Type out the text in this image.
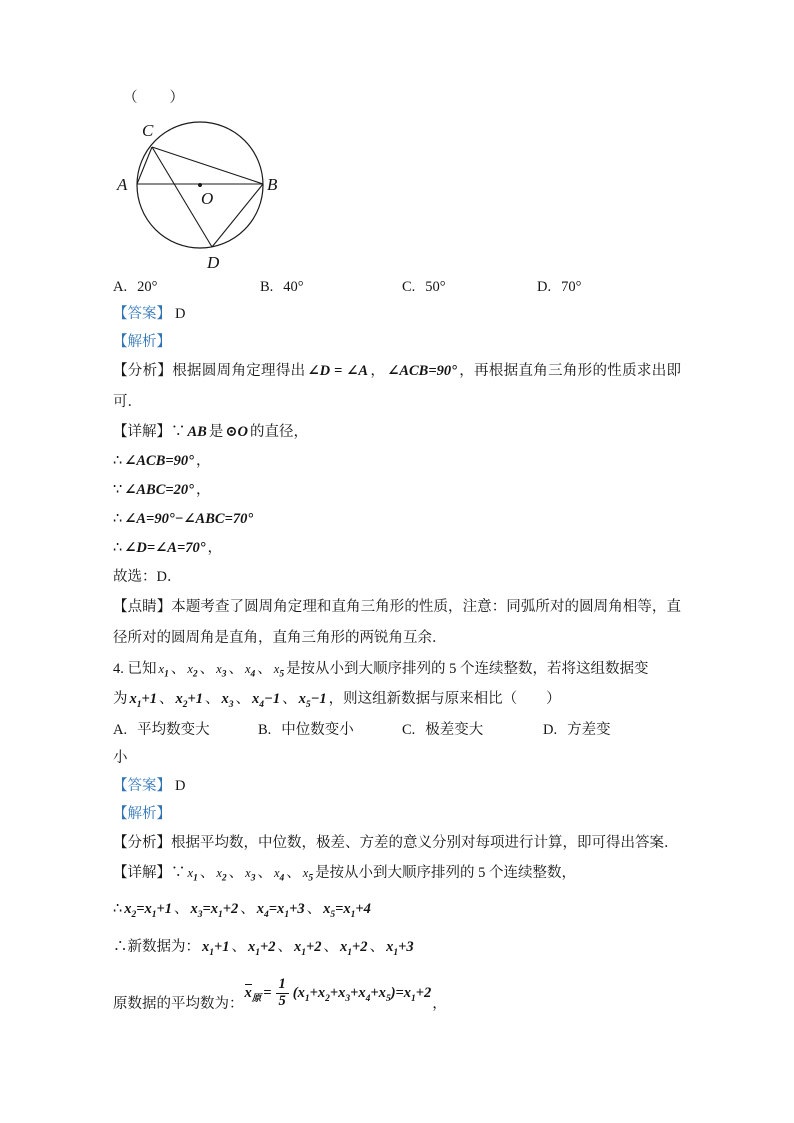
（　　）

C
A	B
O
D
A. 20°	B. 40°	C. 50°	D. 70°

【答案】 D

【解析】

【分析】根据圆周角定理得出 ∠D = ∠A ， ∠ACB=90° ，再根据直角三角形的性质求出即可．

【详解】∵ AB 是 ⊙O 的直径，

∴ ∠ACB=90° ，

∵ ∠ABC=20° ，

∴ ∠A=90°−∠ABC=70°

∴ ∠D=∠A=70° ，

故选：D．

【点睛】本题考查了圆周角定理和直角三角形的性质，注意：同弧所对的圆周角相等，直径所对的圆周角是直角，直角三角形的两锐角互余．

4. 已知 $x_1$ 、 $x_2$ 、 $x_3$ 、 $x_4$ 、 $x_5$ 是按从小到大顺序排列的 5 个连续整数，若将这组数据变

为 $x_1+1$ 、 $x_2+1$ 、 $x_3$ 、 $x_4-1$ 、 $x_5-1$ ，则这组新数据与原来相比（　　）

A. 平均数变大	B. 中位数变小	C. 极差变大	D. 方差变
小

【答案】 D

【解析】

【分析】根据平均数，中位数，极差、方差的意义分别对每项进行计算，即可得出答案．

【详解】∵ $x_1$ 、 $x_2$ 、 $x_3$ 、 $x_4$ 、 $x_5$ 是按从小到大顺序排列的 5 个连续整数，

∴ $x_2=x_1+1$ 、 $x_3=x_1+2$ 、 $x_4=x_1+3$ 、 $x_5=x_1+4$

∴新数据为： $x_1+1$ 、 $x_1+2$ 、 $x_1+2$ 、 $x_1+2$ 、 $x_1+3$

原数据的平均数为：
$x_原 = \frac{1}{5} (x_1+x_2+x_3+x_4+x_5)=x_1+2$
，
